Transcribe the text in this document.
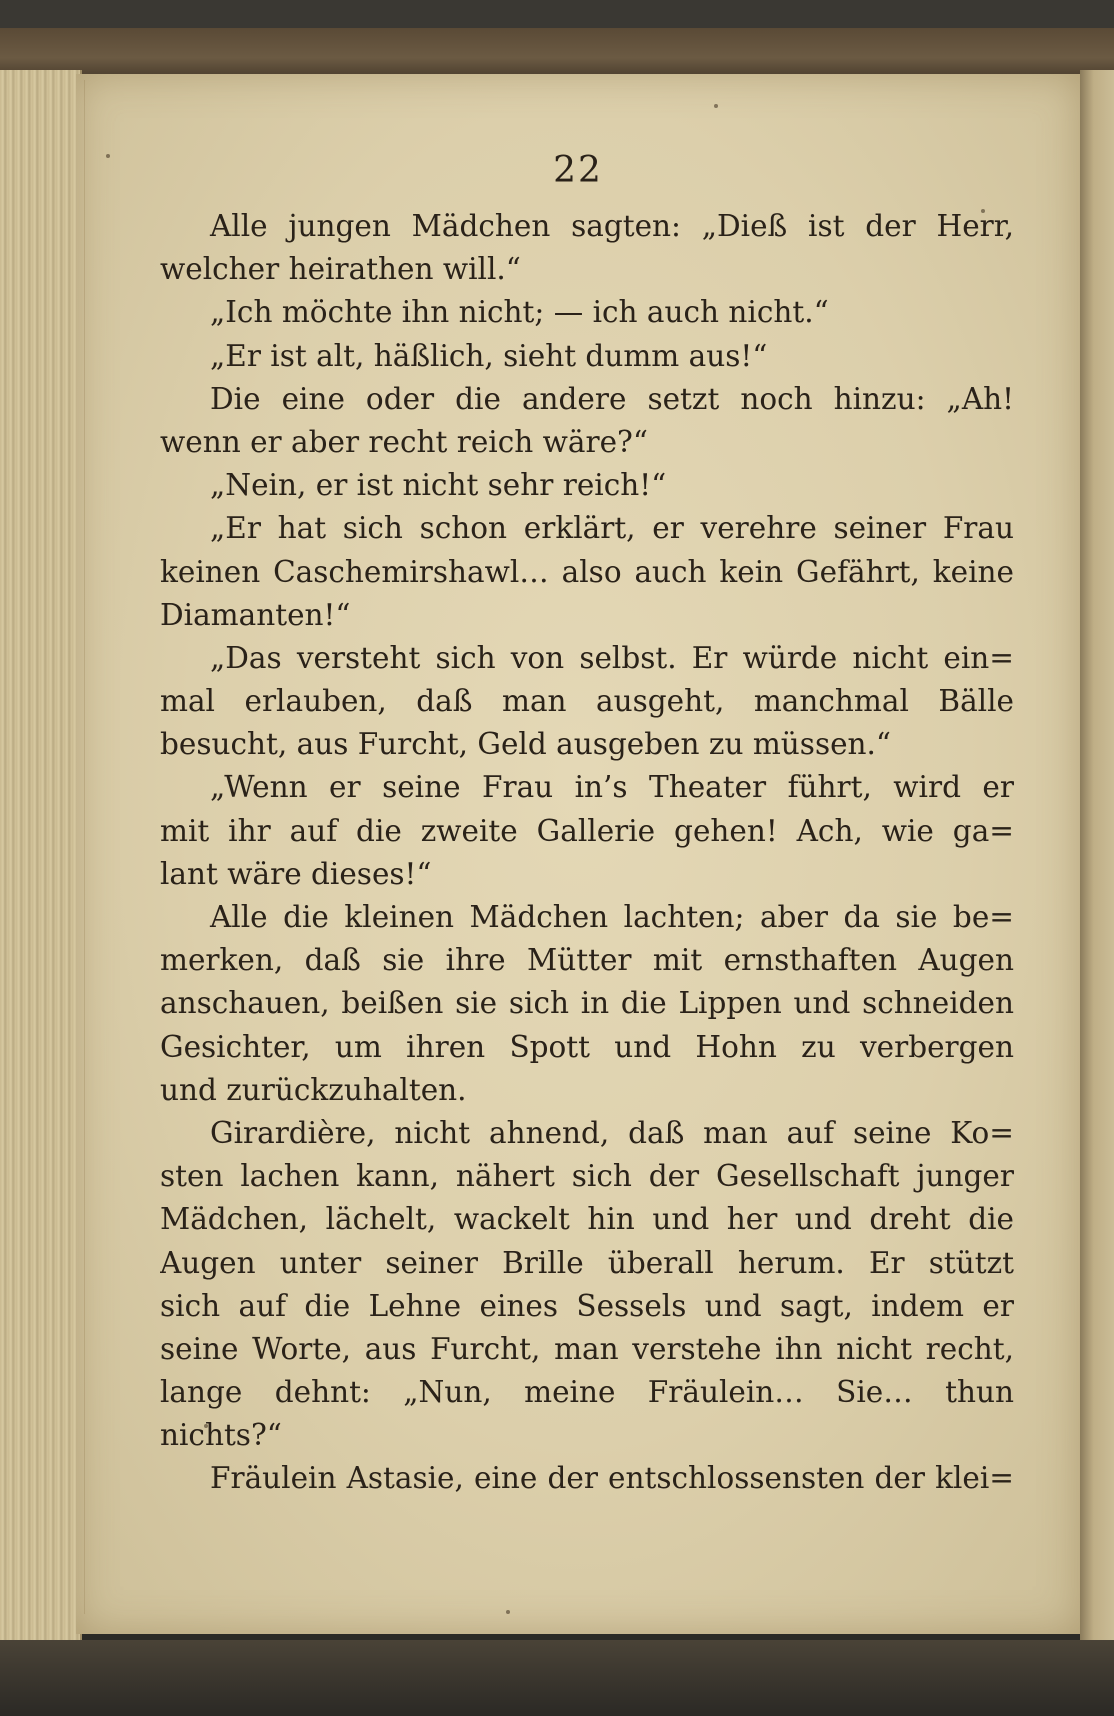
22
Alle jungen Mädchen sagten: „Dieß ist der Herr,
welcher heirathen will.“
„Ich möchte ihn nicht; — ich auch nicht.“
„Er ist alt, häßlich, sieht dumm aus!“
Die eine oder die andere setzt noch hinzu: „Ah!
wenn er aber recht reich wäre?“
„Nein, er ist nicht sehr reich!“
„Er hat sich schon erklärt, er verehre seiner Frau
keinen Caschemirshawl… also auch kein Gefährt, keine
Diamanten!“
„Das versteht sich von selbst. Er würde nicht ein=
mal erlauben, daß man ausgeht, manchmal Bälle
besucht, aus Furcht, Geld ausgeben zu müssen.“
„Wenn er seine Frau in’s Theater führt, wird er
mit ihr auf die zweite Gallerie gehen! Ach, wie ga=
lant wäre dieses!“
Alle die kleinen Mädchen lachten; aber da sie be=
merken, daß sie ihre Mütter mit ernsthaften Augen
anschauen, beißen sie sich in die Lippen und schneiden
Gesichter, um ihren Spott und Hohn zu verbergen
und zurückzuhalten.
Girardière, nicht ahnend, daß man auf seine Ko=
sten lachen kann, nähert sich der Gesellschaft junger
Mädchen, lächelt, wackelt hin und her und dreht die
Augen unter seiner Brille überall herum. Er stützt
sich auf die Lehne eines Sessels und sagt, indem er
seine Worte, aus Furcht, man verstehe ihn nicht recht,
lange dehnt: „Nun, meine Fräulein… Sie… thun
nichts?“
Fräulein Astasie, eine der entschlossensten der klei=
